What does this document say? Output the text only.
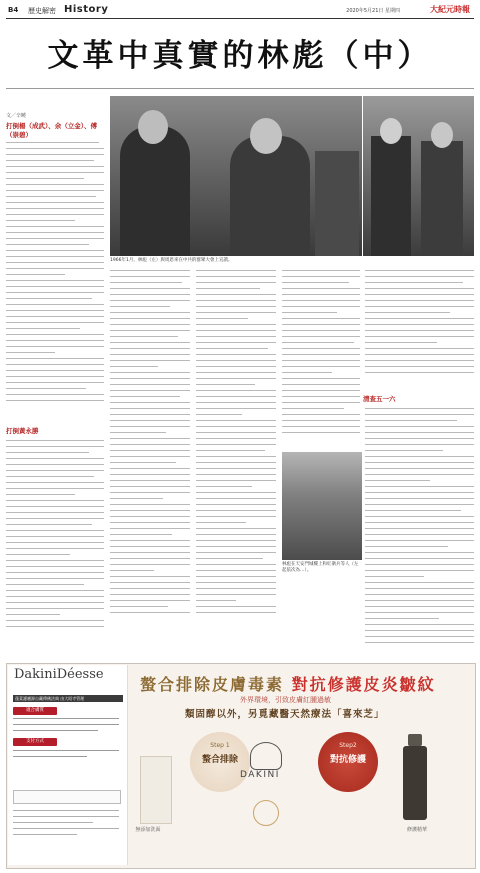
B4 歷史解密 History	2020年5月21日 星期四	大紀元時報
文革中真實的林彪（中）
文／辛曉
打倒楊（成武）、余（立金）、傅（崇碧）
打倒黃永勝
1966年1月，林彪（左）與周恩來在中共的群眾大會上宣讀。
林彪在天安門城樓上和紅衛兵等人（左起依次為…）。
清查五一六
DakiniDéesse
蓬萊護膚源自藏傳佛法典 由大昭寺管理
適合膚質
支付方式
螯合排除皮膚毒素 對抗修護皮炎皺紋
外界環境，引致皮膚紅腫過敏
類固醇以外，另覓藏醫天然療法「喜來芝」
Step 1
螯合排除
Step2
對抗修護
DAKINI
無添加洗面	修護精華
